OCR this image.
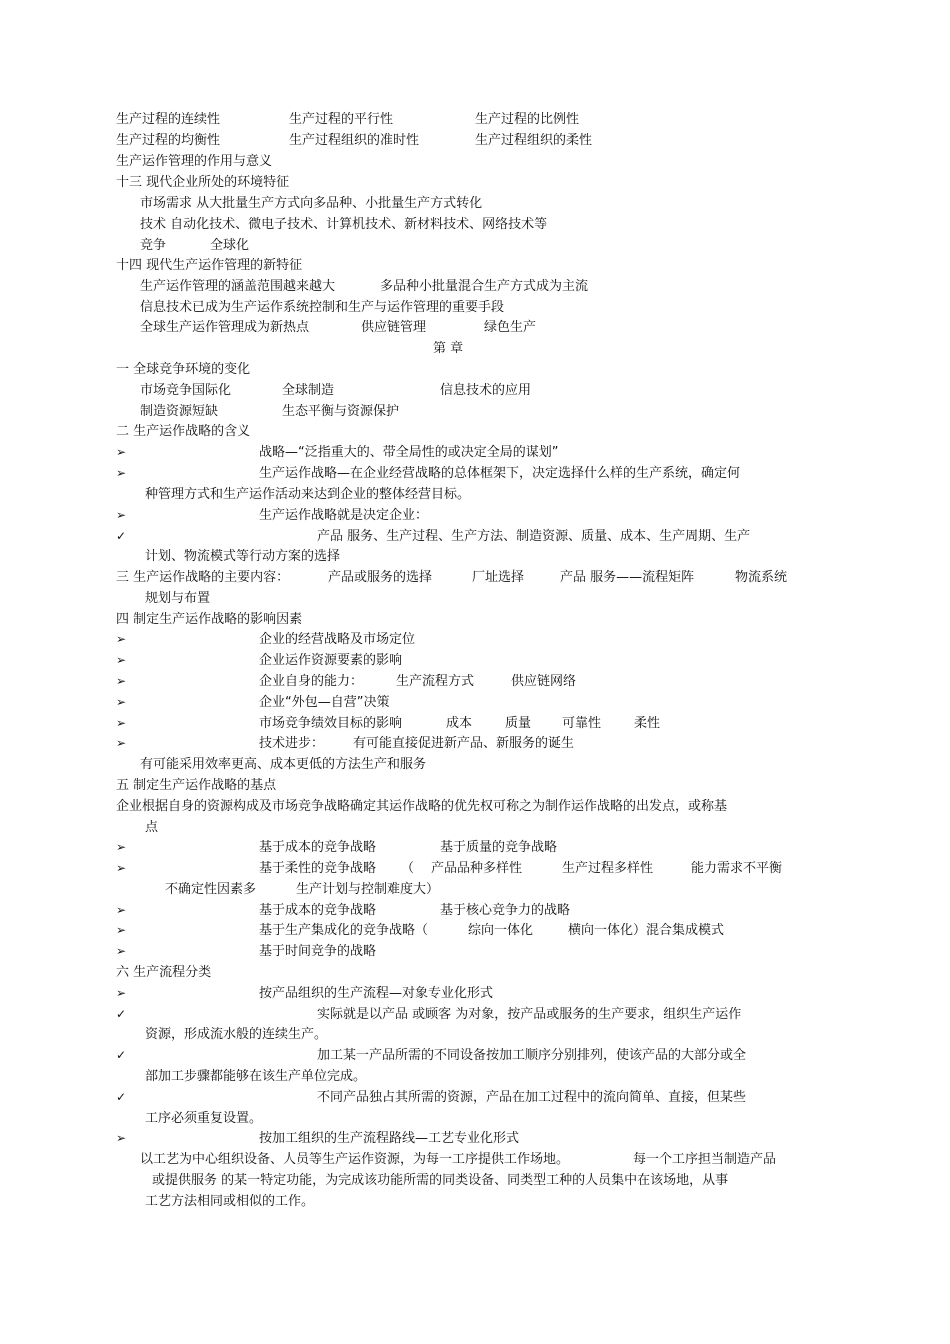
生产过程的连续性	生产过程的平行性	生产过程的比例性
生产过程的均衡性	生产过程组织的准时性	生产过程组织的柔性
生产运作管理的作用与意义
十三 现代企业所处的环境特征
市场需求 从大批量生产方式向多品种、小批量生产方式转化
技术 自动化技术、微电子技术、计算机技术、新材料技术、网络技术等
竞争	全球化
十四 现代生产运作管理的新特征
生产运作管理的涵盖范围越来越大	多品种小批量混合生产方式成为主流
信息技术已成为生产运作系统控制和生产与运作管理的重要手段
全球生产运作管理成为新热点	供应链管理	绿色生产
第 章
一 全球竞争环境的变化
市场竞争国际化	全球制造	信息技术的应用
制造资源短缺	生态平衡与资源保护
二 生产运作战略的含义
战略—“泛指重大的、带全局性的或决定全局的谋划”
生产运作战略—在企业经营战略的总体框架下，决定选择什么样的生产系统，确定何
种管理方式和生产运作活动来达到企业的整体经营目标。
生产运作战略就是决定企业：
产品 服务、生产过程、生产方法、制造资源、质量、成本、生产周期、生产
计划、物流模式等行动方案的选择
三 生产运作战略的主要内容：	产品或服务的选择	厂址选择	产品 服务——流程矩阵	物流系统
规划与布置
四 制定生产运作战略的影响因素
企业的经营战略及市场定位
企业运作资源要素的影响
企业自身的能力：	生产流程方式	供应链网络
企业“外包—自营”决策
市场竞争绩效目标的影响	成本	质量 可靠性	柔性
技术进步： 有可能直接促进新产品、新服务的诞生
有可能采用效率更高、成本更低的方法生产和服务
五 制定生产运作战略的基点
企业根据自身的资源构成及市场竞争战略确定其运作战略的优先权可称之为制作运作战略的出发点，或称基
点
基于成本的竞争战略	基于质量的竞争战略
基于柔性的竞争战略 （ 产品品种多样性	生产过程多样性	能力需求不平衡
不确定性因素多	生产计划与控制难度大）
基于成本的竞争战略	基于核心竞争力的战略
基于生产集成化的竞争战略（	综向一体化	横向一体化）混合集成模式
基于时间竞争的战略
六 生产流程分类
按产品组织的生产流程—对象专业化形式
实际就是以产品 或顾客 为对象，按产品或服务的生产要求，组织生产运作
资源，形成流水般的连续生产。
加工某一产品所需的不同设备按加工顺序分别排列，使该产品的大部分或全
部加工步骤都能够在该生产单位完成。
不同产品独占其所需的资源，产品在加工过程中的流向简单、直接，但某些
工序必须重复设置。
按加工组织的生产流程路线—工艺专业化形式
以工艺为中心组织设备、人员等生产运作资源，为每一工序提供工作场地。	每一个工序担当制造产品
或提供服务 的某一特定功能，为完成该功能所需的同类设备、同类型工种的人员集中在该场地，从事
工艺方法相同或相似的工作。
➢
➢
➢
✓
➢
➢
➢
➢
➢
➢
➢
➢
➢
➢
➢
➢
✓
✓
✓
➢
